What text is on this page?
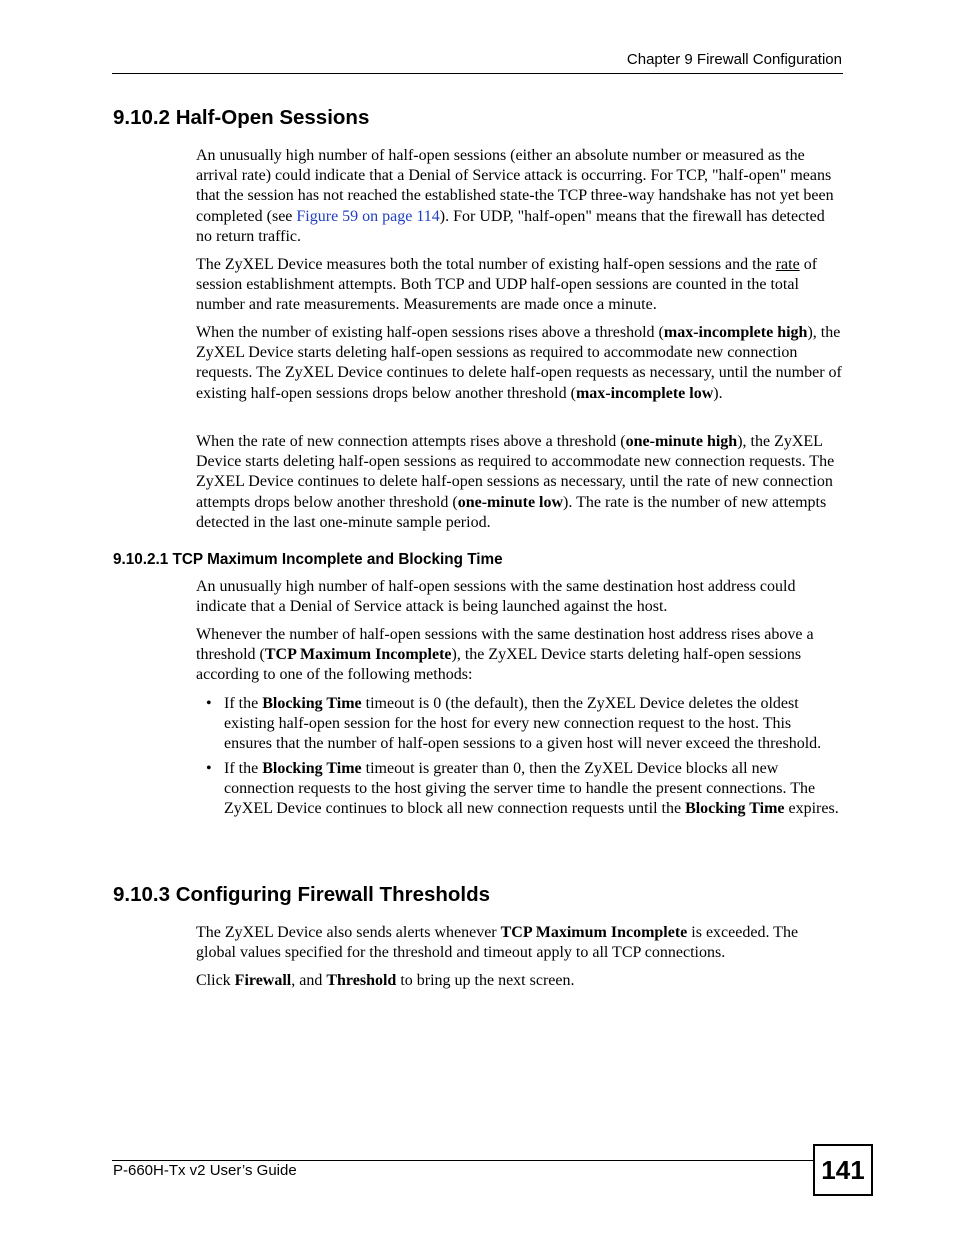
Chapter 9 Firewall Configuration
9.10.2 Half-Open Sessions

An unusually high number of half-open sessions (either an absolute number or measured as the arrival rate) could indicate that a Denial of Service attack is occurring. For TCP, "half-open" means that the session has not reached the established state-the TCP three-way handshake has not yet been completed (see Figure 59 on page 114). For UDP, "half-open" means that the firewall has detected no return traffic.

The ZyXEL Device measures both the total number of existing half-open sessions and the rate of session establishment attempts. Both TCP and UDP half-open sessions are counted in the total number and rate measurements. Measurements are made once a minute.

When the number of existing half-open sessions rises above a threshold (max-incomplete high), the ZyXEL Device starts deleting half-open sessions as required to accommodate new connection requests. The ZyXEL Device continues to delete half-open requests as necessary, until the number of existing half-open sessions drops below another threshold (max-incomplete low).

When the rate of new connection attempts rises above a threshold (one-minute high), the ZyXEL Device starts deleting half-open sessions as required to accommodate new connection requests. The ZyXEL Device continues to delete half-open sessions as necessary, until the rate of new connection attempts drops below another threshold (one-minute low). The rate is the number of new attempts detected in the last one-minute sample period.

9.10.2.1 TCP Maximum Incomplete and Blocking Time

An unusually high number of half-open sessions with the same destination host address could indicate that a Denial of Service attack is being launched against the host.

Whenever the number of half-open sessions with the same destination host address rises above a threshold (TCP Maximum Incomplete), the ZyXEL Device starts deleting half-open sessions according to one of the following methods:

• If the Blocking Time timeout is 0 (the default), then the ZyXEL Device deletes the oldest existing half-open session for the host for every new connection request to the host. This ensures that the number of half-open sessions to a given host will never exceed the threshold.
• If the Blocking Time timeout is greater than 0, then the ZyXEL Device blocks all new connection requests to the host giving the server time to handle the present connections. The ZyXEL Device continues to block all new connection requests until the Blocking Time expires.
9.10.3 Configuring Firewall Thresholds

The ZyXEL Device also sends alerts whenever TCP Maximum Incomplete is exceeded. The global values specified for the threshold and timeout apply to all TCP connections.

Click Firewall, and Threshold to bring up the next screen.

P-660H-Tx v2 User’s Guide	141
